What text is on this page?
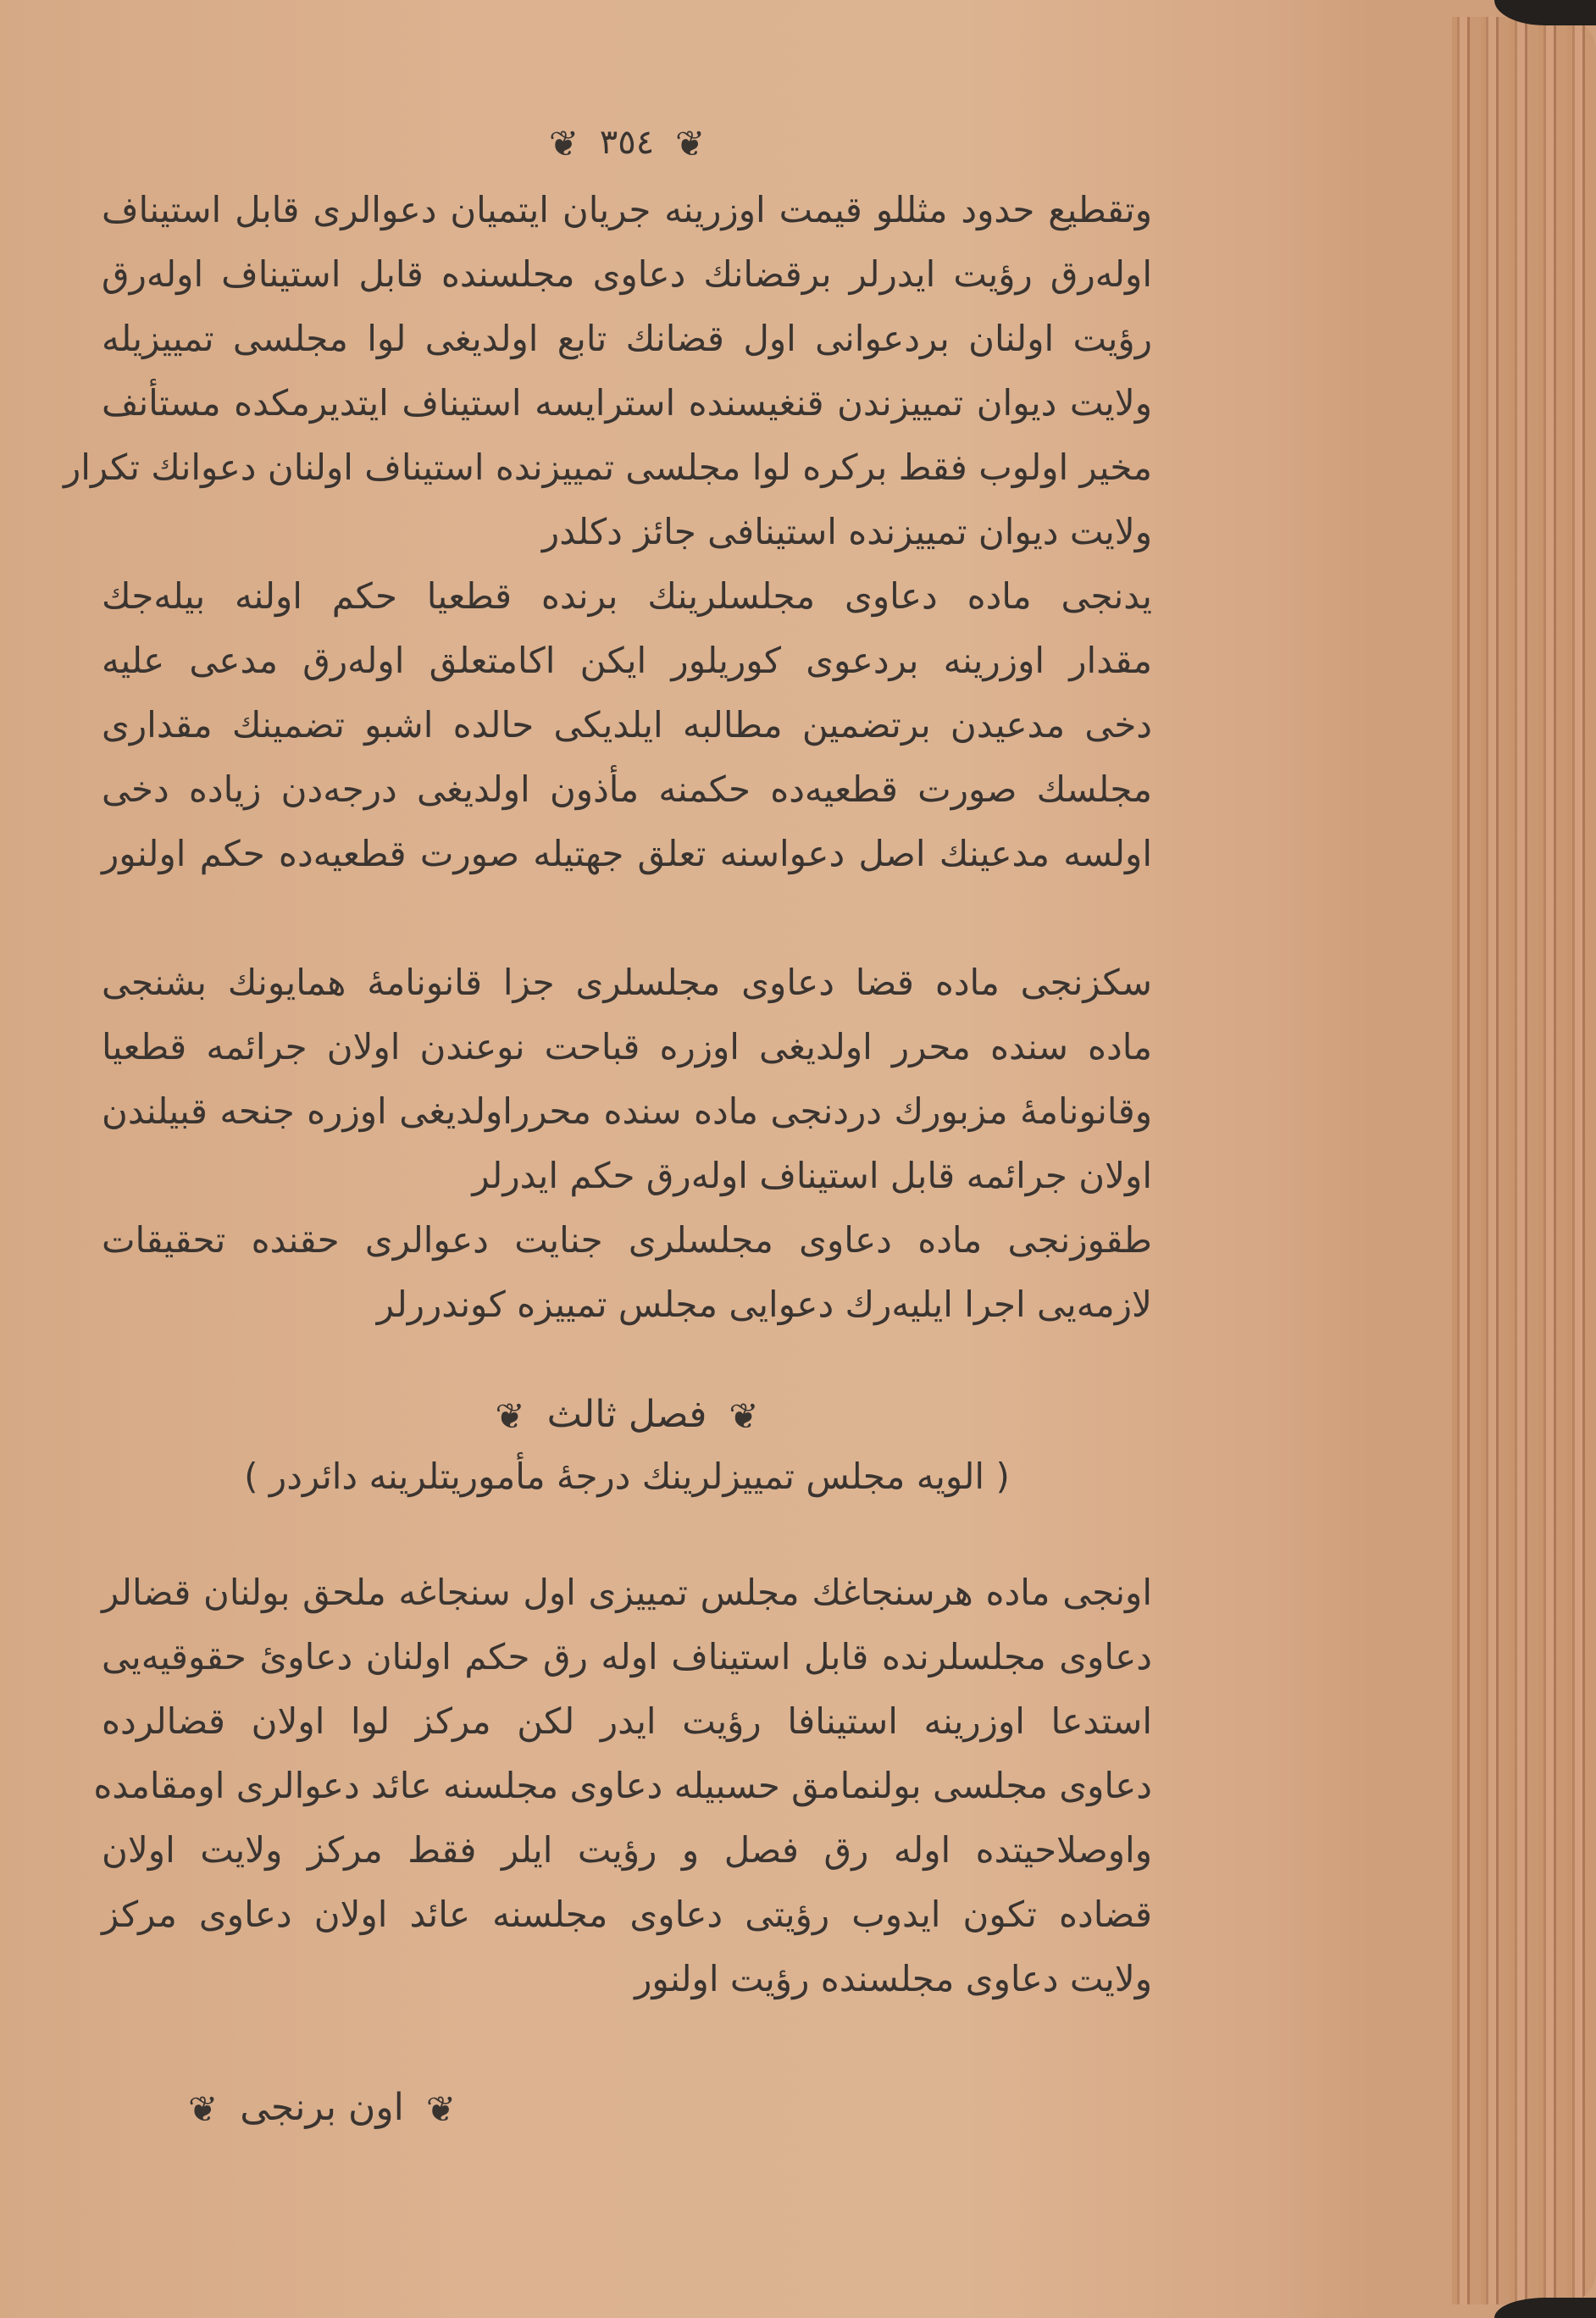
❦ ٣٥٤ ❦
وتقطيع حدود مثللو قيمت اوزرينه جريان ايتمیان دعوالری قابل استيناف
اوله‌رق رؤيت ايدرلر برقضانك دعاوى مجلسنده قابل استيناف اوله‌رق
رؤيت اولنان بردعوانی اول قضانك تابع اولديغی لوا مجلسی تمييزيله
ولايت ديوان تمييزندن قنغيسنده استرايسه استيناف ايتديرمكده مستأنف
مخير اولوب فقط بركره لوا مجلسی تمييزنده استيناف اولنان دعوانك تكرار
ولايت ديوان تمييزنده استينافی جائز دكلدر
يدنجی ماده دعاوى مجلسلرينك برنده قطعيا حكم اولنه بيله‌جك
مقدار اوزرينه بردعوى كوريلور ايكن اكامتعلق اوله‌رق مدعی عليه
دخی مدعيدن برتضمين مطالبه ايلديكی حالده اشبو تضمينك مقداری
مجلسك صورت قطعيه‌ده حكمنه مأذون اولديغی درجه‌دن زياده دخی
اولسه مدعينك اصل دعواسنه تعلق جهتيله صورت قطعيه‌ده حكم اولنور
سكزنجی ماده قضا دعاوى مجلسلری جزا قانونامهٔ همايونك بشنجی
ماده سنده محرر اولديغی اوزره قباحت نوعندن اولان جرائمه قطعيا
وقانونامهٔ مزبورك دردنجی ماده سنده محرراولديغی اوزره جنحه قبيلندن
اولان جرائمه قابل استيناف اوله‌رق حكم ايدرلر
طقوزنجی ماده دعاوى مجلسلری جنايت دعوالری حقنده تحقيقات
لازمه‌يی اجرا ايليه‌رك دعوايی مجلس تمييزه كوندررلر
❦ فصل ثالث ❦
( الويه مجلس تمييزلرينك درجهٔ مأموريتلرينه دائردر )
اونجی ماده هرسنجاغك مجلس تمييزی اول سنجاغه ملحق بولنان قضالر
دعاوى مجلسلرنده قابل استيناف اوله رق حكم اولنان دعاوىٔ حقوقيه‌يی
استدعا اوزرينه استينافا رؤيت ايدر لكن مركز لوا اولان قضالرده
دعاوى مجلسی بولنمامق حسبيله دعاوى مجلسنه عائد دعوالری اومقامده
واوصلاحيتده اوله رق فصل و رؤيت ايلر فقط مركز ولايت اولان
قضاده تكون ايدوب رؤيتی دعاوى مجلسنه عائد اولان دعاوى مركز
ولايت دعاوى مجلسنده رؤيت اولنور
❦ اون برنجی ❦
